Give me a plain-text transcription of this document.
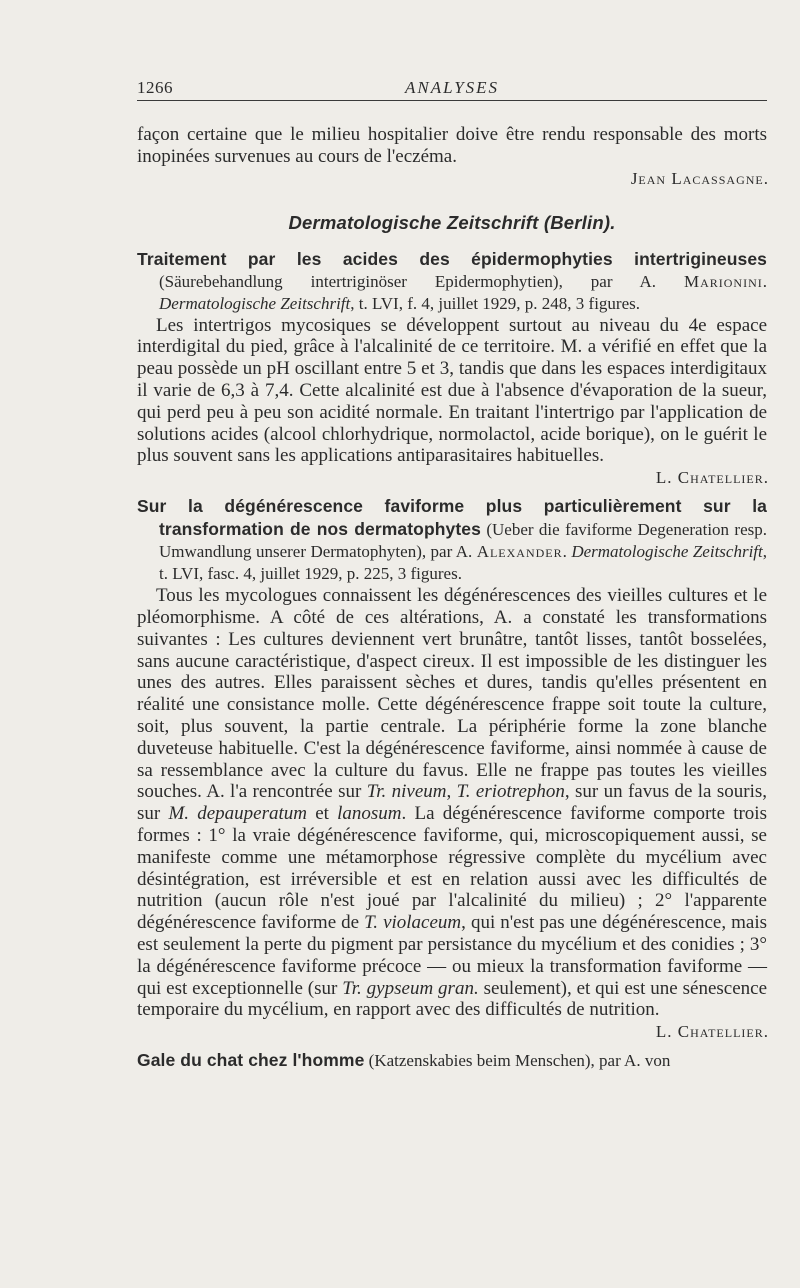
1266	ANALYSES

façon certaine que le milieu hospitalier doive être rendu responsable des morts inopinées survenues au cours de l'eczéma.

Jean Lacassagne.

Dermatologische Zeitschrift (Berlin).

Traitement par les acides des épidermophyties intertrigineuses (Säurebehandlung intertriginöser Epidermophytien), par A. Marionini. Dermatologische Zeitschrift, t. LVI, f. 4, juillet 1929, p. 248, 3 figures.

Les intertrigos mycosiques se développent surtout au niveau du 4e espace interdigital du pied, grâce à l'alcalinité de ce territoire. M. a vérifié en effet que la peau possède un pH oscillant entre 5 et 3, tandis que dans les espaces interdigitaux il varie de 6,3 à 7,4. Cette alcalinité est due à l'absence d'évaporation de la sueur, qui perd peu à peu son acidité normale. En traitant l'intertrigo par l'application de solutions acides (alcool chlorhydrique, normolactol, acide borique), on le guérit le plus souvent sans les applications antiparasitaires habituelles.

L. Chatellier.

Sur la dégénérescence faviforme plus particulièrement sur la transformation de nos dermatophytes (Ueber die faviforme Degeneration resp. Umwandlung unserer Dermatophyten), par A. Alexander. Dermatologische Zeitschrift, t. LVI, fasc. 4, juillet 1929, p. 225, 3 figures.

Tous les mycologues connaissent les dégénérescences des vieilles cultures et le pléomorphisme. A côté de ces altérations, A. a constaté les transformations suivantes : Les cultures deviennent vert brunâtre, tantôt lisses, tantôt bosselées, sans aucune caractéristique, d'aspect cireux. Il est impossible de les distinguer les unes des autres. Elles paraissent sèches et dures, tandis qu'elles présentent en réalité une consistance molle. Cette dégénérescence frappe soit toute la culture, soit, plus souvent, la partie centrale. La périphérie forme la zone blanche duveteuse habituelle. C'est la dégénérescence faviforme, ainsi nommée à cause de sa ressemblance avec la culture du favus. Elle ne frappe pas toutes les vieilles souches. A. l'a rencontrée sur Tr. niveum, T. eriotrephon, sur un favus de la souris, sur M. depauperatum et lanosum. La dégénérescence faviforme comporte trois formes : 1° la vraie dégénérescence faviforme, qui, microscopiquement aussi, se manifeste comme une métamorphose régressive complète du mycélium avec désintégration, est irréversible et est en relation aussi avec les difficultés de nutrition (aucun rôle n'est joué par l'alcalinité du milieu) ; 2° l'apparente dégénérescence faviforme de T. violaceum, qui n'est pas une dégénérescence, mais est seulement la perte du pigment par persistance du mycélium et des conidies ; 3° la dégénérescence faviforme précoce — ou mieux la transformation faviforme — qui est exceptionnelle (sur Tr. gypseum gran. seulement), et qui est une sénescence temporaire du mycélium, en rapport avec des difficultés de nutrition.

L. Chatellier.

Gale du chat chez l'homme (Katzenskabies beim Menschen), par A. von
